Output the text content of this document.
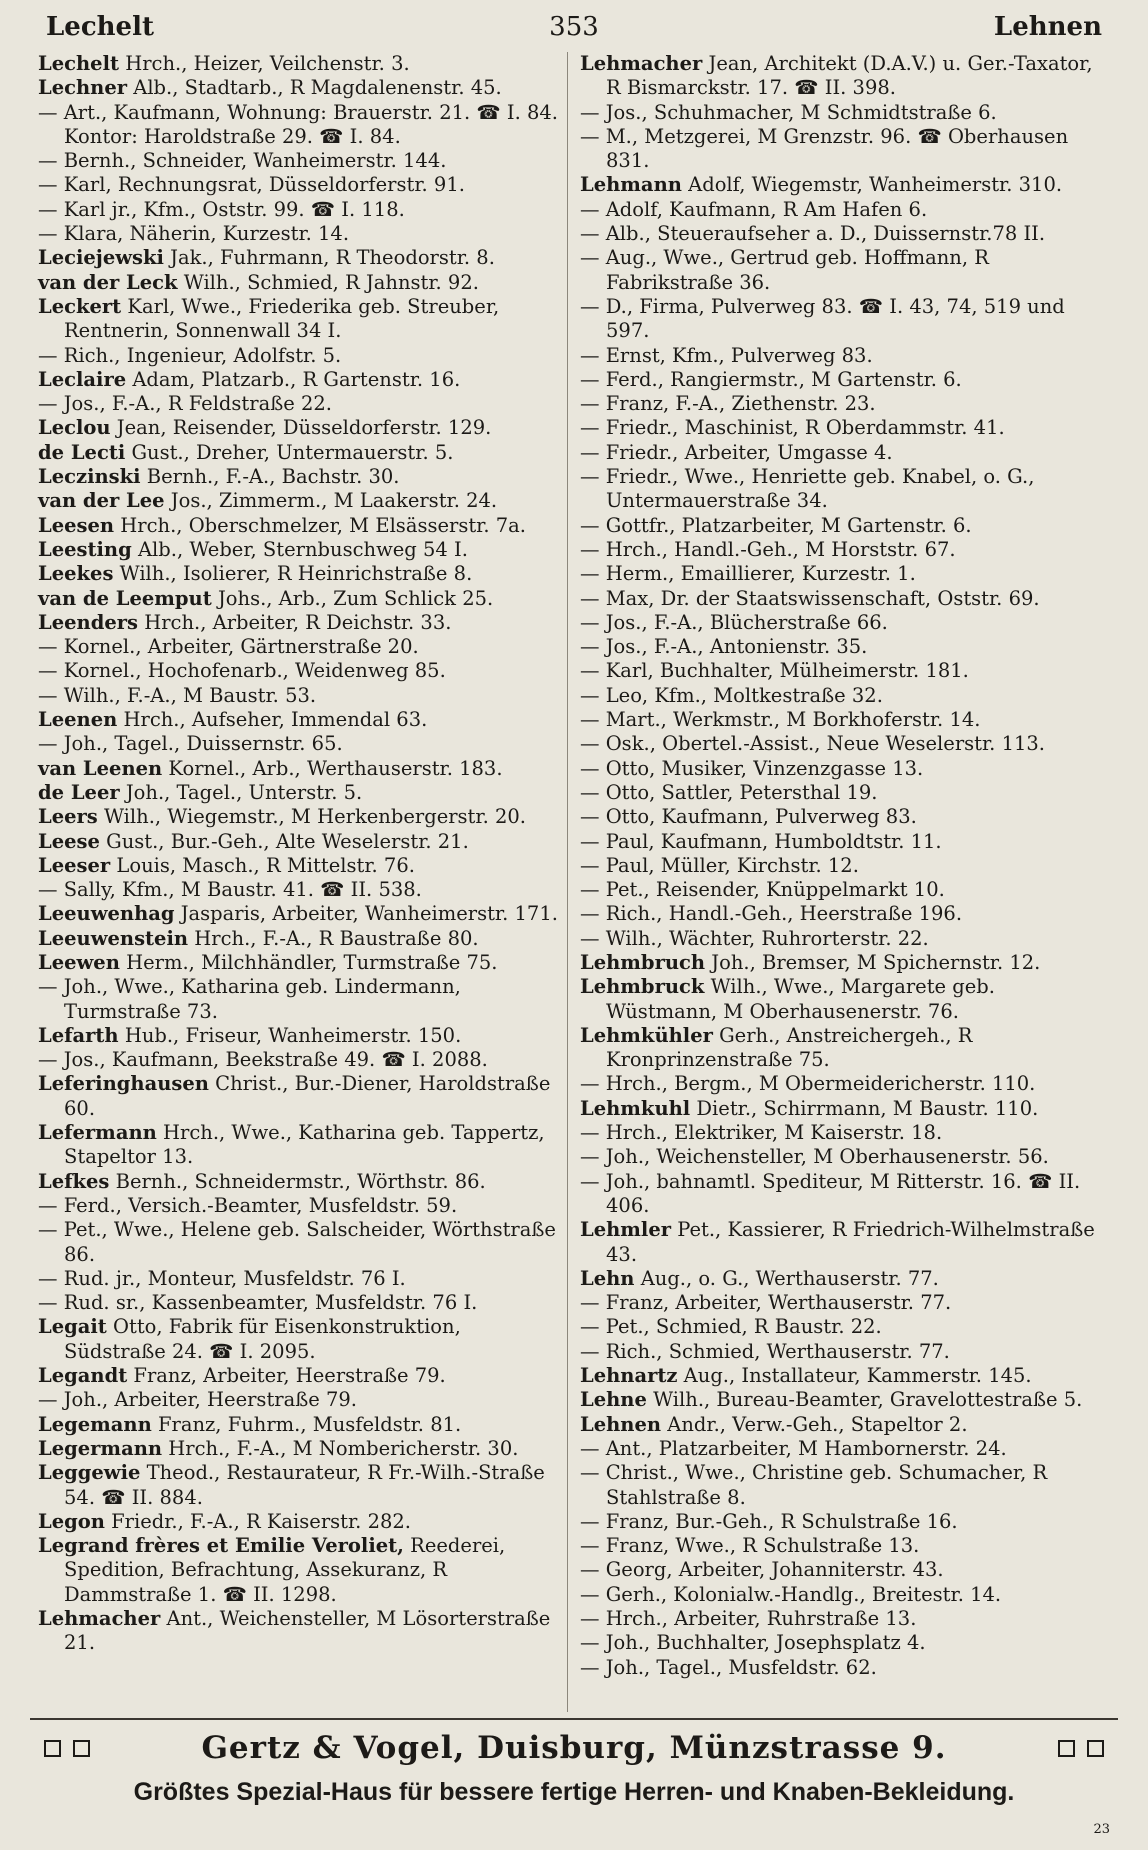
Lechelt	353	Lehnen
Lechelt Hrch., Heizer, Veilchenstr. 3.
Lechner Alb., Stadtarb., R Magdalenenstr. 45.
— Art., Kaufmann, Wohnung: Brauerstr. 21. ☎ I. 84. Kontor: Haroldstraße 29. ☎ I. 84.
— Bernh., Schneider, Wanheimerstr. 144.
— Karl, Rechnungsrat, Düsseldorferstr. 91.
— Karl jr., Kfm., Oststr. 99. ☎ I. 118.
— Klara, Näherin, Kurzestr. 14.
Leciejewski Jak., Fuhrmann, R Theodorstr. 8.
van der Leck Wilh., Schmied, R Jahnstr. 92.
Leckert Karl, Wwe., Friederika geb. Streuber, Rentnerin, Sonnenwall 34 I.
— Rich., Ingenieur, Adolfstr. 5.
Leclaire Adam, Platzarb., R Gartenstr. 16.
— Jos., F.-A., R Feldstraße 22.
Leclou Jean, Reisender, Düsseldorferstr. 129.
de Lecti Gust., Dreher, Untermauerstr. 5.
Leczinski Bernh., F.-A., Bachstr. 30.
van der Lee Jos., Zimmerm., M Laakerstr. 24.
Leesen Hrch., Oberschmelzer, M Elsässerstr. 7a.
Leesting Alb., Weber, Sternbuschweg 54 I.
Leekes Wilh., Isolierer, R Heinrichstraße 8.
van de Leemput Johs., Arb., Zum Schlick 25.
Leenders Hrch., Arbeiter, R Deichstr. 33.
— Kornel., Arbeiter, Gärtnerstraße 20.
— Kornel., Hochofenarb., Weidenweg 85.
— Wilh., F.-A., M Baustr. 53.
Leenen Hrch., Aufseher, Immendal 63.
— Joh., Tagel., Duissernstr. 65.
van Leenen Kornel., Arb., Werthauserstr. 183.
de Leer Joh., Tagel., Unterstr. 5.
Leers Wilh., Wiegemstr., M Herkenbergerstr. 20.
Leese Gust., Bur.-Geh., Alte Weselerstr. 21.
Leeser Louis, Masch., R Mittelstr. 76.
— Sally, Kfm., M Baustr. 41. ☎ II. 538.
Leeuwenhag Jasparis, Arbeiter, Wanheimerstr. 171.
Leeuwenstein Hrch., F.-A., R Baustraße 80.
Leewen Herm., Milchhändler, Turmstraße 75.
— Joh., Wwe., Katharina geb. Lindermann, Turmstraße 73.
Lefarth Hub., Friseur, Wanheimerstr. 150.
— Jos., Kaufmann, Beekstraße 49. ☎ I. 2088.
Leferinghausen Christ., Bur.-Diener, Haroldstraße 60.
Lefermann Hrch., Wwe., Katharina geb. Tappertz, Stapeltor 13.
Lefkes Bernh., Schneidermstr., Wörthstr. 86.
— Ferd., Versich.-Beamter, Musfeldstr. 59.
— Pet., Wwe., Helene geb. Salscheider, Wörthstraße 86.
— Rud. jr., Monteur, Musfeldstr. 76 I.
— Rud. sr., Kassenbeamter, Musfeldstr. 76 I.
Legait Otto, Fabrik für Eisenkonstruktion, Südstraße 24. ☎ I. 2095.
Legandt Franz, Arbeiter, Heerstraße 79.
— Joh., Arbeiter, Heerstraße 79.
Legemann Franz, Fuhrm., Musfeldstr. 81.
Legermann Hrch., F.-A., M Nombericherstr. 30.
Leggewie Theod., Restaurateur, R Fr.-Wilh.-Straße 54. ☎ II. 884.
Legon Friedr., F.-A., R Kaiserstr. 282.
Legrand frères et Emilie Veroliet, Reederei, Spedition, Befrachtung, Assekuranz, R Dammstraße 1. ☎ II. 1298.
Lehmacher Ant., Weichensteller, M Lösorterstraße 21.
Lehmacher Jean, Architekt (D.A.V.) u. Ger.-Taxator, R Bismarckstr. 17. ☎ II. 398.
— Jos., Schuhmacher, M Schmidtstraße 6.
— M., Metzgerei, M Grenzstr. 96. ☎ Oberhausen 831.
Lehmann Adolf, Wiegemstr, Wanheimerstr. 310.
— Adolf, Kaufmann, R Am Hafen 6.
— Alb., Steueraufseher a. D., Duissernstr.78 II.
— Aug., Wwe., Gertrud geb. Hoffmann, R Fabrikstraße 36.
— D., Firma, Pulverweg 83. ☎ I. 43, 74, 519 und 597.
— Ernst, Kfm., Pulverweg 83.
— Ferd., Rangiermstr., M Gartenstr. 6.
— Franz, F.-A., Ziethenstr. 23.
— Friedr., Maschinist, R Oberdammstr. 41.
— Friedr., Arbeiter, Umgasse 4.
— Friedr., Wwe., Henriette geb. Knabel, o. G., Untermauerstraße 34.
— Gottfr., Platzarbeiter, M Gartenstr. 6.
— Hrch., Handl.-Geh., M Horststr. 67.
— Herm., Emaillierer, Kurzestr. 1.
— Max, Dr. der Staatswissenschaft, Oststr. 69.
— Jos., F.-A., Blücherstraße 66.
— Jos., F.-A., Antonienstr. 35.
— Karl, Buchhalter, Mülheimerstr. 181.
— Leo, Kfm., Moltkestraße 32.
— Mart., Werkmstr., M Borkhoferstr. 14.
— Osk., Obertel.-Assist., Neue Weselerstr. 113.
— Otto, Musiker, Vinzenzgasse 13.
— Otto, Sattler, Petersthal 19.
— Otto, Kaufmann, Pulverweg 83.
— Paul, Kaufmann, Humboldtstr. 11.
— Paul, Müller, Kirchstr. 12.
— Pet., Reisender, Knüppelmarkt 10.
— Rich., Handl.-Geh., Heerstraße 196.
— Wilh., Wächter, Ruhrorterstr. 22.
Lehmbruch Joh., Bremser, M Spichernstr. 12.
Lehmbruck Wilh., Wwe., Margarete geb. Wüstmann, M Oberhausenerstr. 76.
Lehmkühler Gerh., Anstreichergeh., R Kronprinzenstraße 75.
— Hrch., Bergm., M Obermeidericherstr. 110.
Lehmkuhl Dietr., Schirrmann, M Baustr. 110.
— Hrch., Elektriker, M Kaiserstr. 18.
— Joh., Weichensteller, M Oberhausenerstr. 56.
— Joh., bahnamtl. Spediteur, M Ritterstr. 16. ☎ II. 406.
Lehmler Pet., Kassierer, R Friedrich-Wilhelmstraße 43.
Lehn Aug., o. G., Werthauserstr. 77.
— Franz, Arbeiter, Werthauserstr. 77.
— Pet., Schmied, R Baustr. 22.
— Rich., Schmied, Werthauserstr. 77.
Lehnartz Aug., Installateur, Kammerstr. 145.
Lehne Wilh., Bureau-Beamter, Gravelottestraße 5.
Lehnen Andr., Verw.-Geh., Stapeltor 2.
— Ant., Platzarbeiter, M Hambornerstr. 24.
— Christ., Wwe., Christine geb. Schumacher, R Stahlstraße 8.
— Franz, Bur.-Geh., R Schulstraße 16.
— Franz, Wwe., R Schulstraße 13.
— Georg, Arbeiter, Johanniterstr. 43.
— Gerh., Kolonialw.-Handlg., Breitestr. 14.
— Hrch., Arbeiter, Ruhrstraße 13.
— Joh., Buchhalter, Josephsplatz 4.
— Joh., Tagel., Musfeldstr. 62.
Gertz & Vogel, Duisburg, Münzstrasse 9.
Größtes Spezial-Haus für bessere fertige Herren- und Knaben-Bekleidung.
23
